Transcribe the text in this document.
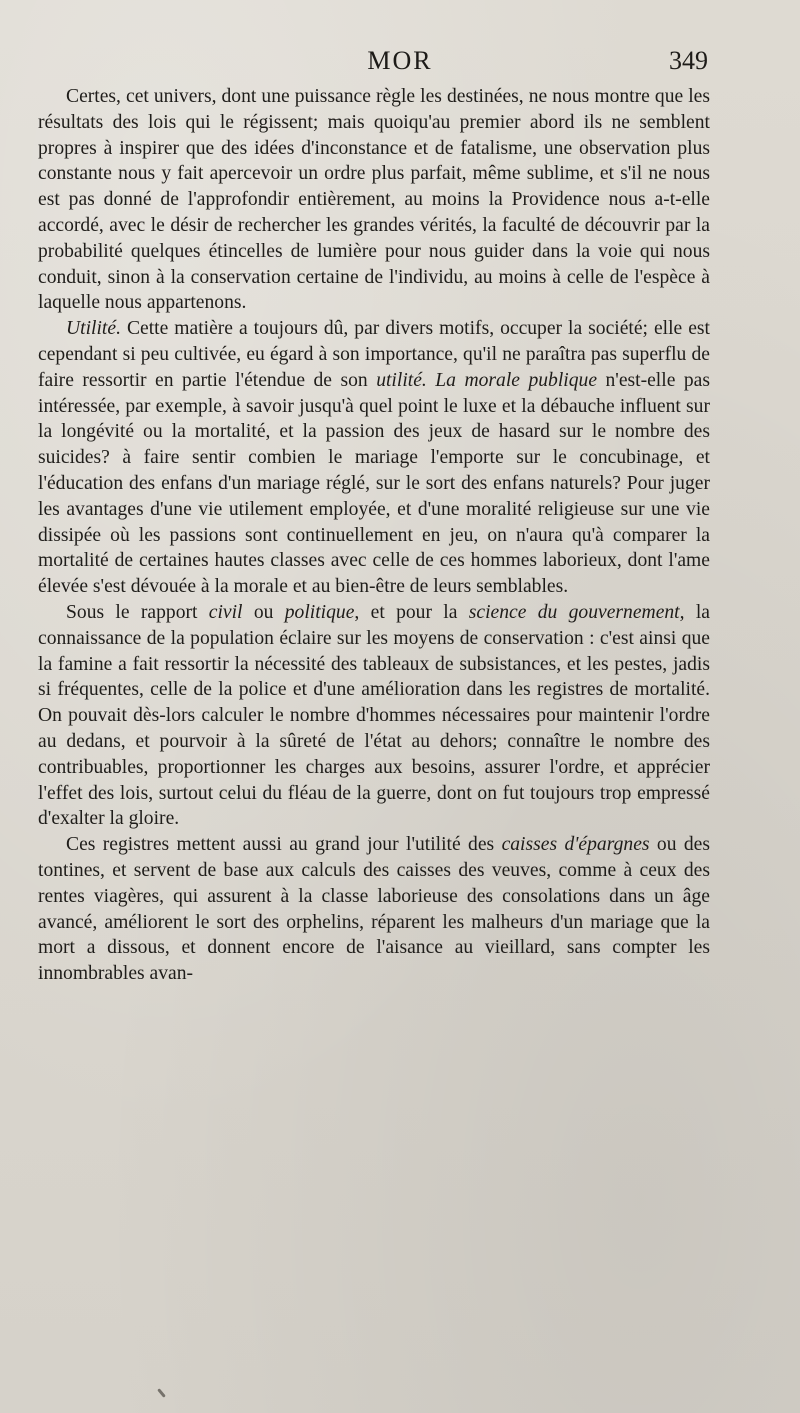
MOR	349

Certes, cet univers, dont une puissance règle les destinées, ne nous montre que les résultats des lois qui le régissent; mais quoiqu'au premier abord ils ne semblent propres à inspirer que des idées d'inconstance et de fatalisme, une observation plus constante nous y fait apercevoir un ordre plus parfait, même sublime, et s'il ne nous est pas donné de l'approfondir entièrement, au moins la Providence nous a-t-elle accordé, avec le désir de rechercher les grandes vérités, la faculté de découvrir par la probabilité quelques étincelles de lumière pour nous guider dans la voie qui nous conduit, sinon à la conservation certaine de l'individu, au moins à celle de l'espèce à laquelle nous appartenons.

Utilité. Cette matière a toujours dû, par divers motifs, occuper la société; elle est cependant si peu cultivée, eu égard à son importance, qu'il ne paraîtra pas superflu de faire ressortir en partie l'étendue de son utilité. La morale publique n'est-elle pas intéressée, par exemple, à savoir jusqu'à quel point le luxe et la débauche influent sur la longévité ou la mortalité, et la passion des jeux de hasard sur le nombre des suicides? à faire sentir combien le mariage l'emporte sur le concubinage, et l'éducation des enfans d'un mariage réglé, sur le sort des enfans naturels? Pour juger les avantages d'une vie utilement employée, et d'une moralité religieuse sur une vie dissipée où les passions sont continuellement en jeu, on n'aura qu'à comparer la mortalité de certaines hautes classes avec celle de ces hommes laborieux, dont l'ame élevée s'est dévouée à la morale et au bien-être de leurs semblables.

Sous le rapport civil ou politique, et pour la science du gouvernement, la connaissance de la population éclaire sur les moyens de conservation : c'est ainsi que la famine a fait ressortir la nécessité des tableaux de subsistances, et les pestes, jadis si fréquentes, celle de la police et d'une amélioration dans les registres de mortalité. On pouvait dès-lors calculer le nombre d'hommes nécessaires pour maintenir l'ordre au dedans, et pourvoir à la sûreté de l'état au dehors; connaître le nombre des contribuables, proportionner les charges aux besoins, assurer l'ordre, et apprécier l'effet des lois, surtout celui du fléau de la guerre, dont on fut toujours trop empressé d'exalter la gloire.

Ces registres mettent aussi au grand jour l'utilité des caisses d'épargnes ou des tontines, et servent de base aux calculs des caisses des veuves, comme à ceux des rentes viagères, qui assurent à la classe laborieuse des consolations dans un âge avancé, améliorent le sort des orphelins, réparent les malheurs d'un mariage que la mort a dissous, et donnent encore de l'aisance au vieillard, sans compter les innombrables avan-
